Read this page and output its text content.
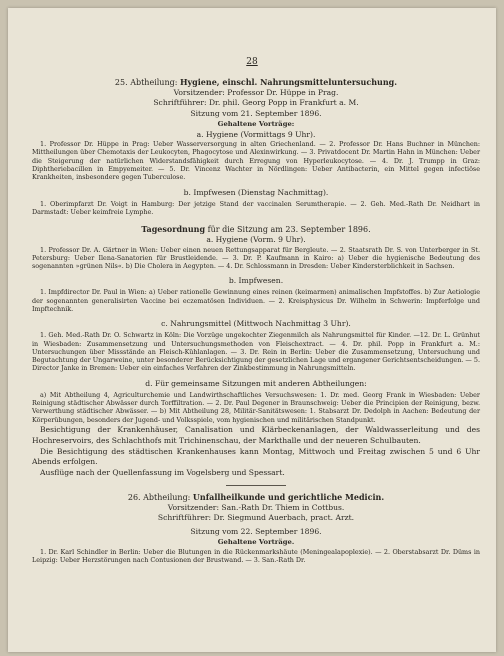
28

25. Abtheilung: Hygiene, einschl. Nahrungsmitteluntersuchung.

Vorsitzender: Professor Dr. Hüppe in Prag.

Schriftführer: Dr. phil. Georg Popp in Frankfurt a. M.

Sitzung vom 21. September 1896.

Gehaltene Vorträge:

a. Hygiene (Vormittags 9 Uhr).

1. Professor Dr. Hüppe in Prag: Ueber Wasserversorgung in alten Griechenland. — 2. Professor Dr. Hans Buchner in München: Mittheilungen über Chemotaxis der Leukocyten, Phagocytose und Alexinwirkung. — 3. Privatdocent Dr. Martin Hahn in München: Ueber die Steigerung der natürlichen Widerstandsfähigkeit durch Erregung von Hyperleukocytose. — 4. Dr. J. Trumpp in Graz: Diphtheriebacillen in Empyemeiter. — 5. Dr. Vincenz Wachter in Nördlingen: Ueber Antibacterin, ein Mittel gegen infectiöse Krankheiten, insbesondere gegen Tuberculose.

b. Impfwesen (Dienstag Nachmittag).

1. Oberimpfarzt Dr. Voigt in Hamburg: Der jetzige Stand der vaccinalen Serumtherapie. — 2. Geh. Med.-Rath Dr. Neidhart in Darmstadt: Ueber keimfreie Lymphe.

Tagesordnung für die Sitzung am 23. September 1896.

a. Hygiene (Vorm. 9 Uhr).

1. Professor Dr. A. Gärtner in Wien: Ueber einen neuen Rettungsapparat für Bergleute. — 2. Staatsrath Dr. S. von Unterberger in St. Petersburg: Ueber Ilena-Sanatorien für Brustleidende. — 3. Dr. P. Kaufmann in Kairo: a) Ueber die hygienische Bedeutung des sogenannten »grünen Nils«. b) Die Cholera in Aegypten. — 4. Dr. Schlossmann in Dresden: Ueber Kindersterblichkeit in Sachsen.

b. Impfwesen.

1. Impfdirector Dr. Paul in Wien: a) Ueber rationelle Gewinnung eines reinen (keimarmen) animalischen Impfstoffes. b) Zur Aetiologie der sogenannten generalisirten Vaccine bei eczematösen Individuen. — 2. Kreisphysicus Dr. Wilhelm in Schwerin: Impferfolge und Impftechnik.

c. Nahrungsmittel (Mittwoch Nachmittag 3 Uhr).

1. Geh. Med.-Rath Dr. O. Schwartz in Köln: Die Vorzüge ungekochter Ziegenmilch als Nahrungsmittel für Kinder. —12. Dr. L. Grünhut in Wiesbaden: Zusammensetzung und Untersuchungsmethoden von Fleischextract. — 4. Dr. phil. Popp in Frankfurt a. M.: Untersuchungen über Missstände an Fleisch-Kühlanlagen. — 3. Dr. Rein in Berlin: Ueber die Zusammensetzung, Untersuchung und Begutachtung der Ungarweine, unter besonderer Berücksichtigung der gesetzlichen Lage und ergangener Gerichtsentscheidungen. — 5. Director Janke in Bremen: Ueber ein einfaches Verfahren der Zinkbestimmung in Nahrungsmitteln.

d. Für gemeinsame Sitzungen mit anderen Abtheilungen:

a) Mit Abtheilung 4, Agriculturchemie und Landwirthschaftliches Versuchswesen: 1. Dr. med. Georg Frank in Wiesbaden: Ueber Reinigung städtischer Abwässer durch Torffiltration. — 2. Dr. Paul Degener in Braunschweig: Ueber die Principien der Reinigung, bezw. Verwerthung städtischer Abwässer. — b) Mit Abtheilung 28, Militär-Sanitätswesen: 1. Stabsarzt Dr. Dedolph in Aachen: Bedeutung der Körperübungen, besonders der Jugend- und Volksspiele, vom hygienischen und militärischen Standpunkt.

Besichtigung der Krankenhäuser, Canalisation und Klärbeckenanlagen, der Waldwasserleitung und des Hochreservoirs, des Schlachthofs mit Trichinenschau, der Markthalle und der neueren Schulbauten.

Die Besichtigung des städtischen Krankenhauses kann Montag, Mittwoch und Freitag zwischen 5 und 6 Uhr Abends erfolgen.

Ausflüge nach der Quellenfassung im Vogelsberg und Spessart.

26. Abtheilung: Unfallheilkunde und gerichtliche Medicin.

Vorsitzender: San.-Rath Dr. Thiem in Cottbus.

Schriftführer: Dr. Siegmund Auerbach, pract. Arzt.

Sitzung vom 22. September 1896.

Gehaltene Vorträge.

1. Dr. Karl Schindler in Berlin: Ueber die Blutungen in die Rückenmarkshäute (Meningealapoplexie). — 2. Oberstabsarzt Dr. Düms in Leipzig: Ueber Herzstörungen nach Contusionen der Brustwand. — 3. San.-Rath Dr.
